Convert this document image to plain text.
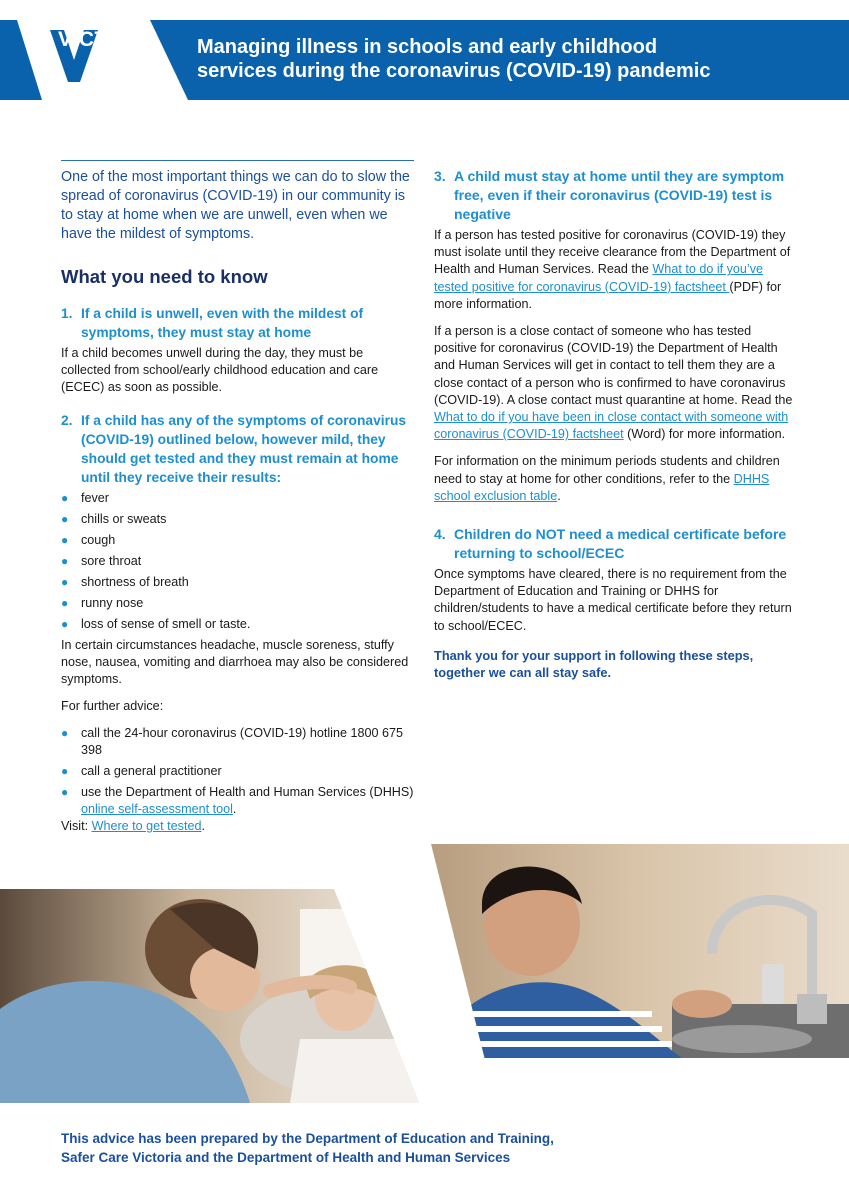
VICTORIA
State
Government
Managing illness in schools and early childhood
services during the coronavirus (COVID-19) pandemic

One of the most important things we can do to slow the spread of coronavirus (COVID-19) in our community is to stay at home when we are unwell, even when we have the mildest of symptoms.

What you need to know
1. If a child is unwell, even with the mildest of symptoms, they must stay at home

If a child becomes unwell during the day, they must be collected from school/early childhood education and care (ECEC) as soon as possible.

2. If a child has any of the symptoms of coronavirus (COVID-19) outlined below, however mild, they should get tested and they must remain at home until they receive their results:
●	fever
●	chills or sweats
●	cough
●	sore throat
●	shortness of breath
●	runny nose
●	loss of sense of smell or taste.

In certain circumstances headache, muscle soreness, stuffy nose, nausea, vomiting and diarrhoea may also be considered symptoms.

For further advice:

●	call the 24-hour coronavirus (COVID-19) hotline 1800 675 398
●	call a general practitioner
●	use the Department of Health and Human Services (DHHS) online self-assessment tool.

Visit: Where to get tested.

3. A child must stay at home until they are symptom free, even if their coronavirus (COVID-19) test is negative

If a person has tested positive for coronavirus (COVID-19) they must isolate until they receive clearance from the Department of Health and Human Services. Read the What to do if you’ve tested positive for coronavirus (COVID-19) factsheet (PDF) for more information.

If a person is a close contact of someone who has tested positive for coronavirus (COVID-19) the Department of Health and Human Services will get in contact to tell them they are a close contact of a person who is confirmed to have coronavirus (COVID-19). A close contact must quarantine at home. Read the What to do if you have been in close contact with someone with coronavirus (COVID-19) factsheet (Word) for more information.

For information on the minimum periods students and children need to stay at home for other conditions, refer to the DHHS school exclusion table.

4. Children do NOT need a medical certificate before returning to school/ECEC

Once symptoms have cleared, there is no requirement from the Department of Education and Training or DHHS for children/students to have a medical certificate before they return to school/ECEC.

Thank you for your support in following these steps, together we can all stay safe.

This advice has been prepared by the Department of Education and Training,
Safer Care Victoria and the Department of Health and Human Services
